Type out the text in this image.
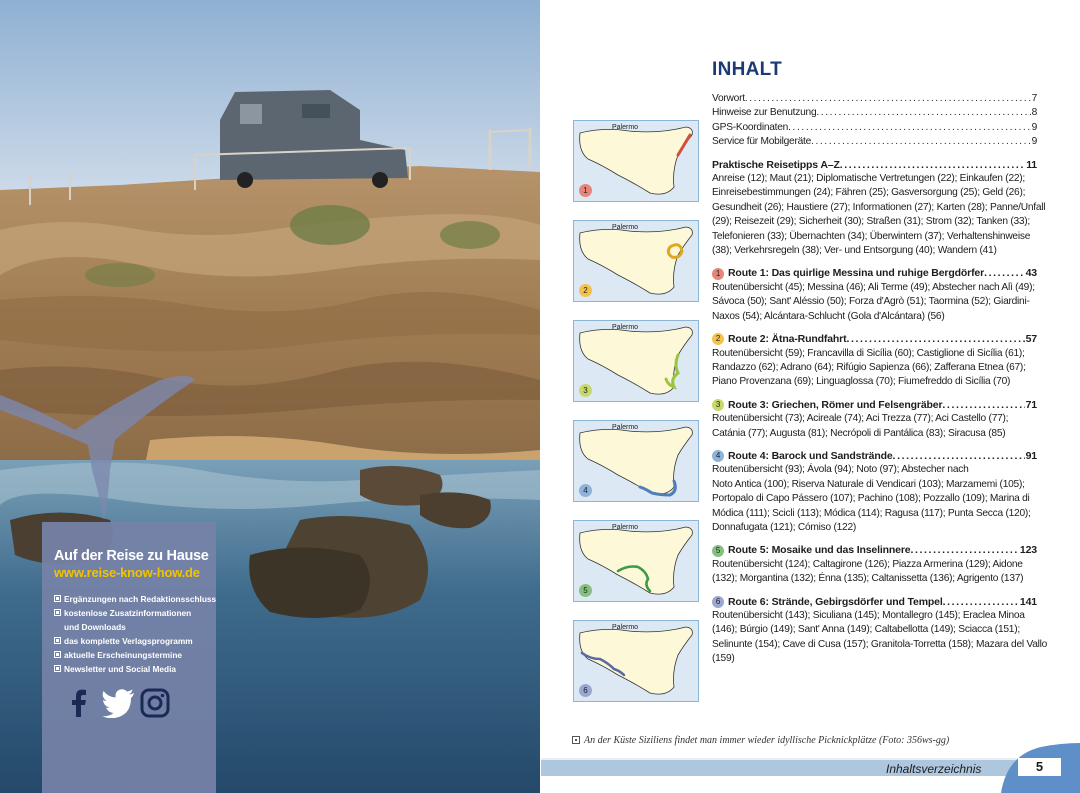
Auf der Reise zu Hause
www.reise-know-how.de
Ergänzungen nach Redaktionsschluss
kostenlose Zusatzinformationen
und Downloads
das komplette Verlagsprogramm
aktuelle Erscheinungstermine
Newsletter und Social Media
INHALT
Palermo
1
Palermo
2
Palermo
3
Palermo
4
Palermo
5
Palermo
6
Vorwort .....	7
Hinweise zur Benutzung .....	8
GPS-Koordinaten .....	9
Service für Mobilgeräte .....	9
Praktische Reisetipps A–Z .....	11
Anreise (12); Maut (21); Diplomatische Vertretungen (22); Einkaufen (22);
Einreisebestimmungen (24); Fähren (25); Gasversorgung (25); Geld (26);
Gesundheit (26); Haustiere (27); Informationen (27); Karten (28); Panne/Unfall
(29); Reisezeit (29); Sicherheit (30); Straßen (31); Strom (32); Tanken (33);
Telefonieren (33); Übernachten (34); Überwintern (37); Verhaltenshinweise
(38); Verkehrsregeln (38); Ver- und Entsorgung (40); Wandern (41)
1 Route 1: Das quirlige Messina und ruhige Bergdörfer .....	43
Routenübersicht (45); Messina (46); Ali Terme (49); Abstecher nach Alì (49);
Sávoca (50); Sant' Aléssio (50); Forza d'Agrò (51); Taormina (52); Giardini-
Naxos (54); Alcántara-Schlucht (Gola d'Alcántara) (56)
2 Route 2: Ätna-Rundfahrt .....	57
Routenübersicht (59); Francavilla di Sicília (60); Castiglione di Sicília (61);
Randazzo (62); Adrano (64); Rifúgio Sapienza (66); Zafferana Etnea (67);
Piano Provenzana (69); Linguaglossa (70); Fiumefreddo di Sicília (70)
3 Route 3: Griechen, Römer und Felsengräber .....	71
Routenübersicht (73); Acireale (74); Aci Trezza (77); Aci Castello (77);
Catánia (77); Augusta (81); Necrópoli di Pantálica (83); Siracusa (85)
4 Route 4: Barock und Sandstrände .....	91
Routenübersicht (93); Ávola (94); Noto (97); Abstecher nach
Noto Antica (100); Riserva Naturale di Vendicari (103); Marzamemi (105);
Portopalo di Capo Pássero (107); Pachino (108); Pozzallo (109); Marina di
Módica (111); Scicli (113); Módica (114); Ragusa (117); Punta Secca (120);
Donnafugata (121); Cómiso (122)
5 Route 5: Mosaike und das Inselinnere .....	123
Routenübersicht (124); Caltagirone (126); Piazza Armerina (129); Aidone
(132); Morgantina (132); Énna (135); Caltanissetta (136); Agrigento (137)
6 Route 6: Strände, Gebirgsdörfer und Tempel .....	141
Routenübersicht (143); Siculiana (145); Montallegro (145); Eraclea Minoa
(146); Búrgio (149); Sant' Anna (149); Caltabellotta (149); Sciacca (151);
Selinunte (154); Cave di Cusa (157); Granitola-Torretta (158); Mazara del Vallo
(159)
An der Küste Siziliens findet man immer wieder idyllische Picknickplätze (Foto: 356ws-gg)
Inhaltsverzeichnis	5
